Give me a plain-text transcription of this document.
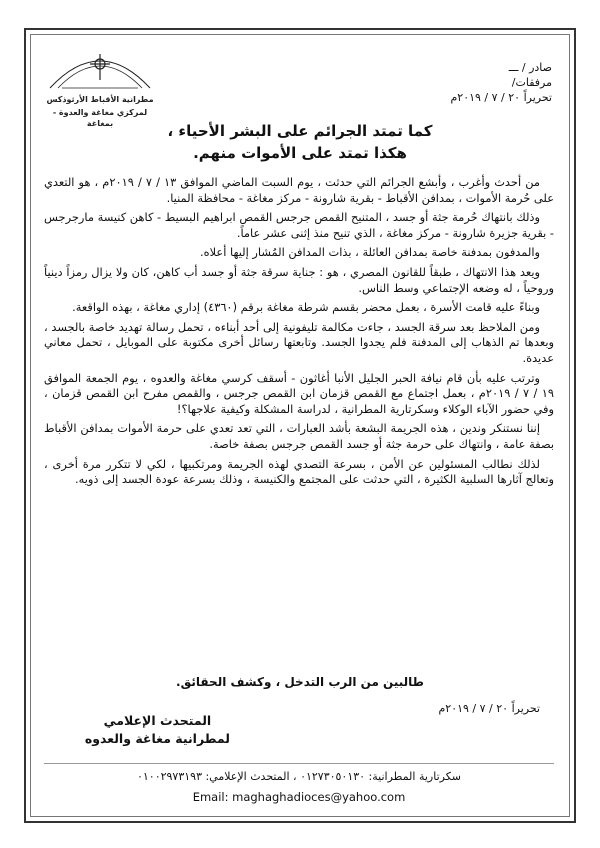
مطرانية الأقباط الأرثوذكس
لمركزي مغاغة والعدوة - بمغاغة
صادر / ـــ
مرفقات/
تحريراً ٢٠ / ٧ / ٢٠١٩م
كما تمتد الجرائم على البشر الأحياء ،
هكذا تمتد على الأموات منهم.

من أحدث وأغرب ، وأبشع الجرائم التي حدثت ، يوم السبت الماضي الموافق ١٣ / ٧ / ٢٠١٩م ، هو التعدي على حُرمة الأموات ، بمدافن الأقباط - بقرية شارونة - مركز مغاغة - محافظة المنيا.

وذلك بانتهاك حُرمة جثة أو جسد ، المتنيح القمص جرجس القمص ابراهيم البسيط - كاهن كنيسة مارجرجس - بقرية جزيرة شارونة - مركز مغاغة ، الذي تنيح منذ إثنى عشر عاماً.

والمدفون بمدفنة خاصة بمدافن العائلة ، بذات المدافن المُشار إليها أعلاه.

ويعد هذا الانتهاك ، طبقاً للقانون المصري ، هو : جناية سرقة جثة أو جسد أب كاهن، كان ولا يزال رمزاً دينياً وروحياً ، له وضعه الإجتماعي وسط الناس.

وبناءً عليه قامت الأسرة ، بعمل محضر بقسم شرطة مغاغة برقم (٤٣٦٠) إداري مغاغة ، بهذه الواقعة.

ومن الملاحظ بعد سرقة الجسد ، جاءت مكالمة تليفونية إلى أحد أبناءه ، تحمل رسالة تهديد خاصة بالجسد ، وبعدها تم الذهاب إلى المدفنة فلم يجدوا الجسد. وتابعتها رسائل أخرى مكتوبة على الموبايل ، تحمل معاني عديدة.

وترتب عليه بأن قام نيافة الحبر الجليل الأنبا أغاثون - أسقف كرسي مغاغة والعدوه ، يوم الجمعة الموافق ١٩ / ٧ / ٢٠١٩م ، بعمل اجتماع مع القمص قزمان ابن القمص جرجس ، والقمص مفرح ابن القمص قزمان ، وفي حضور الآباء الوكلاء وسكرتارية المطرانية ، لدراسة المشكلة وكيفية علاجها؟!

إننا نستنكر وندين ، هذه الجريمة البشعة بأشد العبارات ، التي تعد تعدي على حرمة الأموات بمدافن الأقباط بصفة عامة ، وانتهاك على حرمة جثة أو جسد القمص جرجس بصفة خاصة.

لذلك نطالب المسئولين عن الأمن ، بسرعة التصدي لهذه الجريمة ومرتكبيها ، لكي لا تتكرر مرة أخرى ، وتعالج آثارها السلبية الكثيرة ، التي حدثت على المجتمع والكنيسة ، وذلك بسرعة عودة الجسد إلى ذويه.

طالبين من الرب التدخل ، وكشف الحقائق.
تحريراً ٢٠ / ٧ / ٢٠١٩م
المتحدث الإعلامي
لمطرانية مغاغة والعدوه
سكرتارية المطرانية: ٠١٢٧٣٠٥٠١٣٠ ، المتحدث الإعلامي: ٠١٠٠٢٩٧٣١٩٣
Email: maghaghadioces@yahoo.com
